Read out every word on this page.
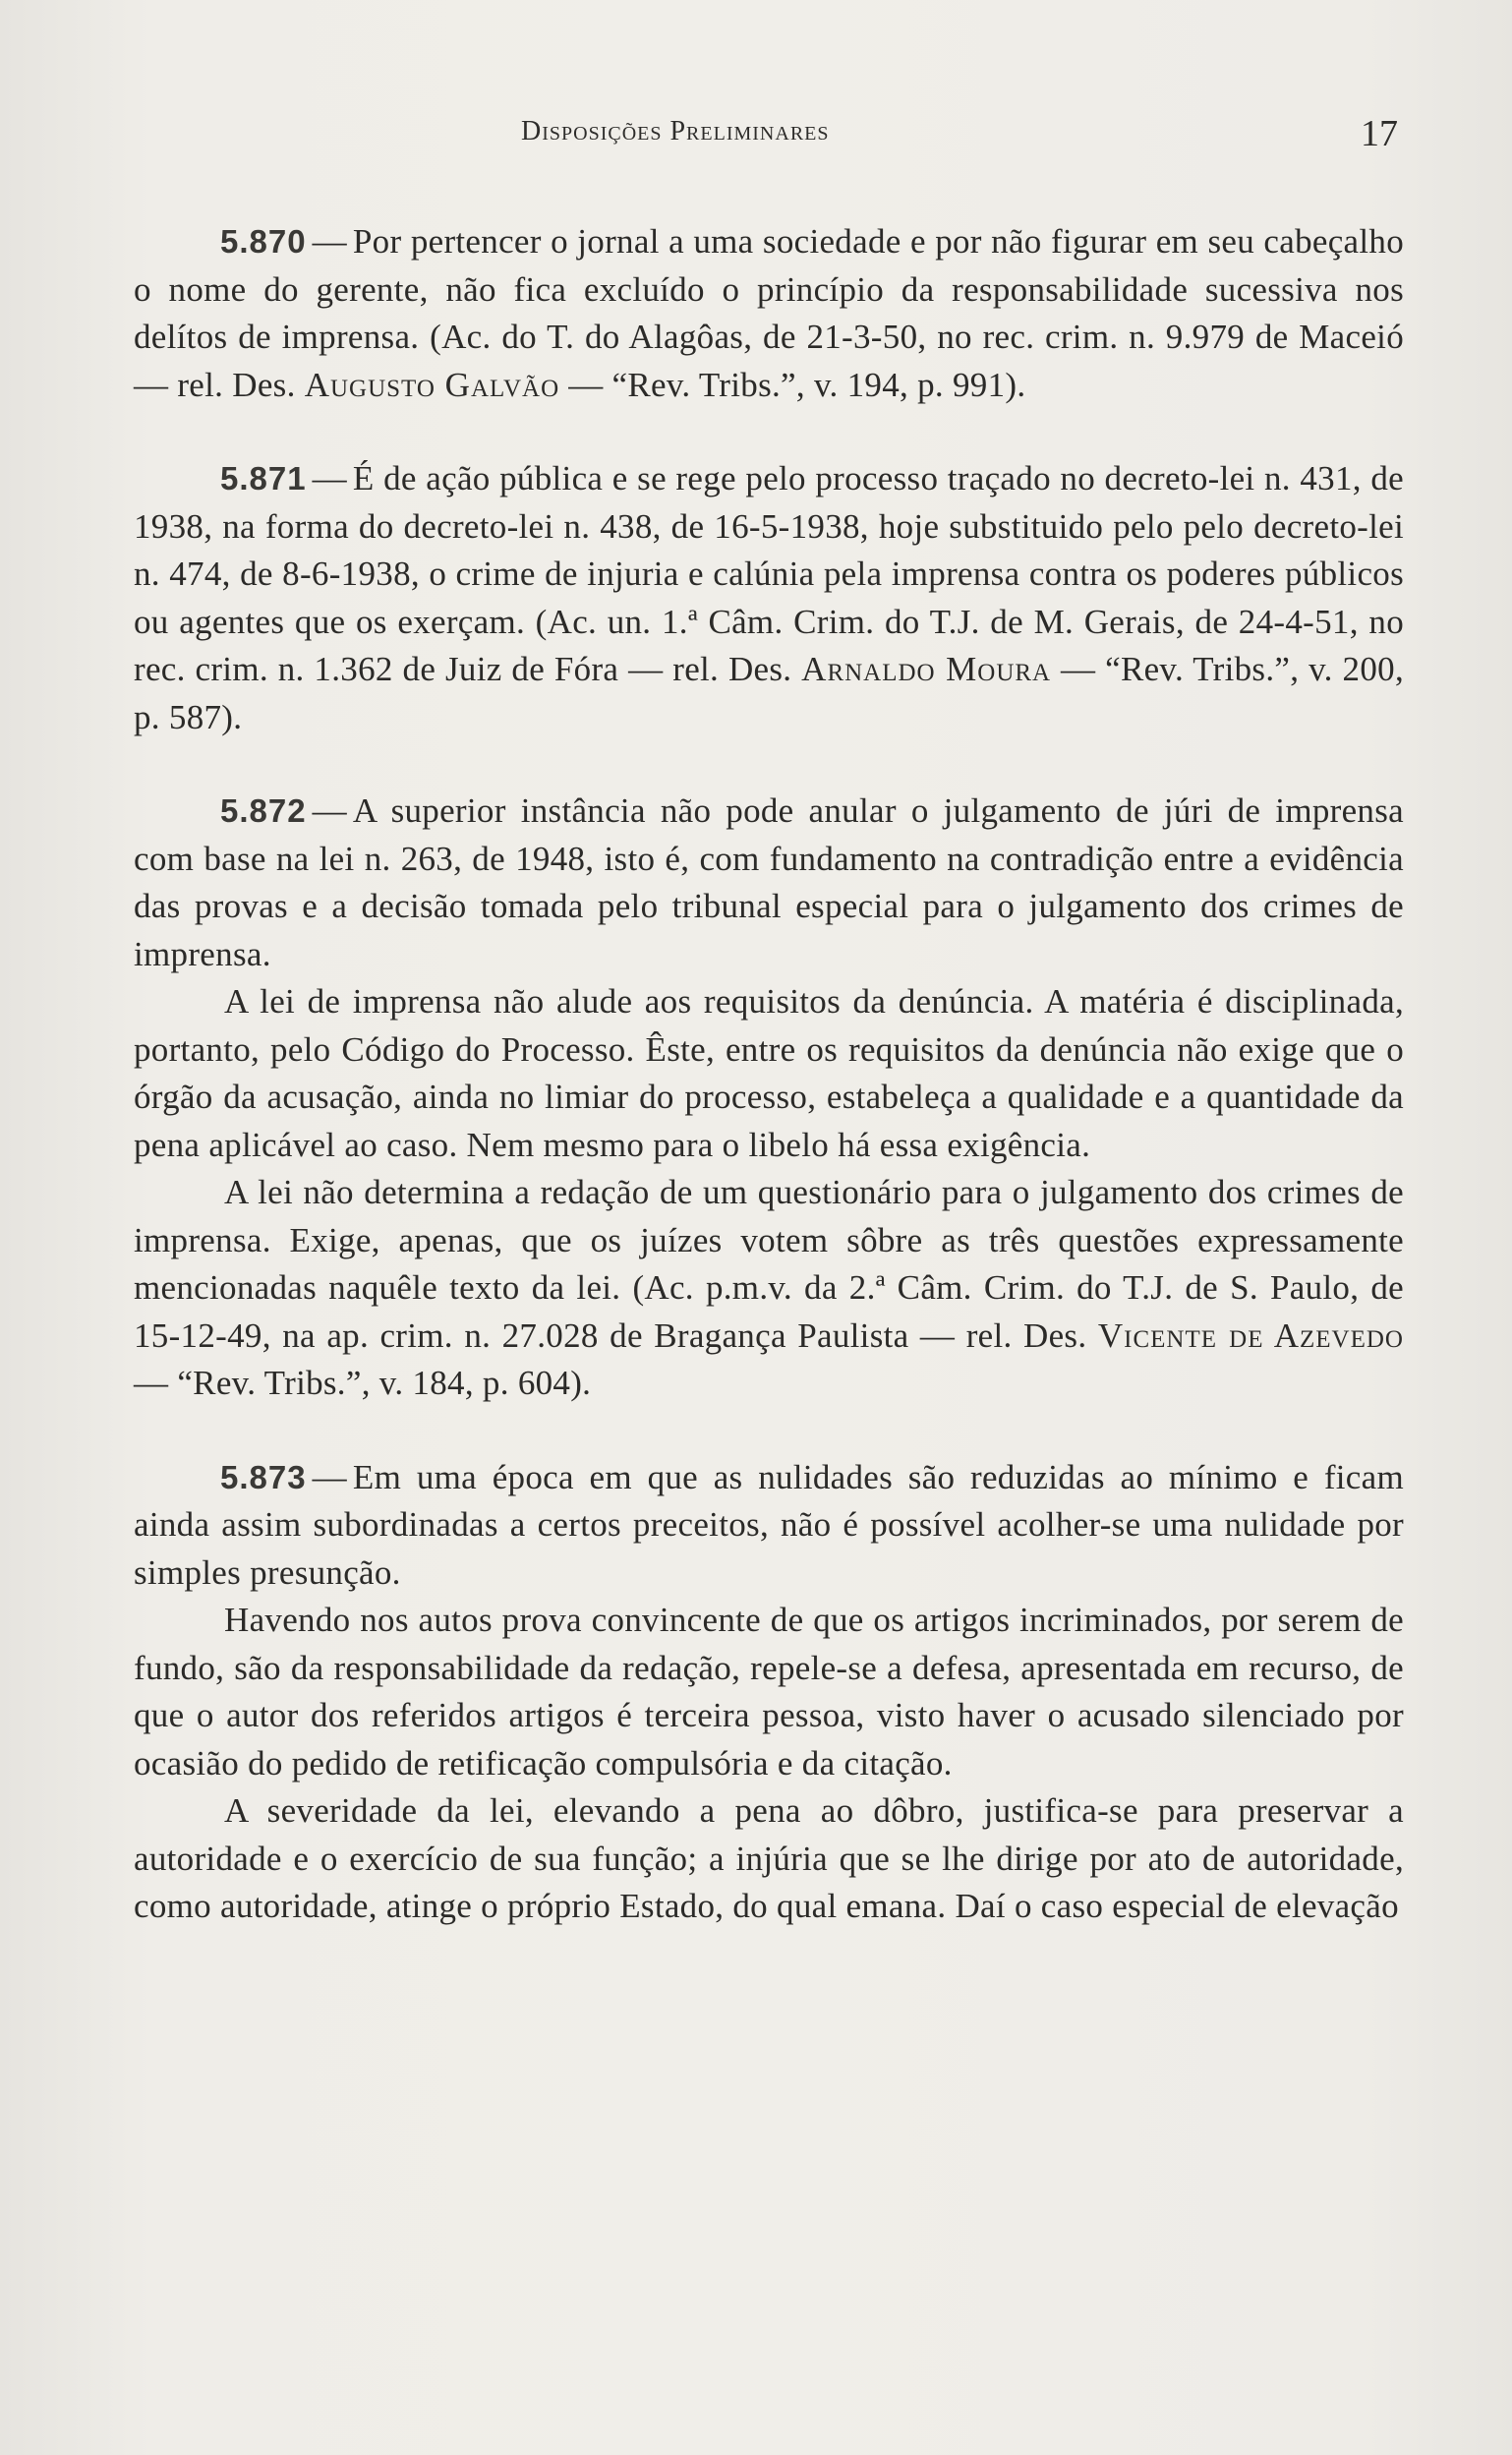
Disposições Preliminares	17

5.870 — Por pertencer o jornal a uma sociedade e por não figurar em seu cabeçalho o nome do gerente, não fica excluído o princípio da responsabilidade sucessiva nos delítos de imprensa. (Ac. do T. do Alagôas, de 21-3-50, no rec. crim. n. 9.979 de Maceió — rel. Des. Augusto Galvão — “Rev. Tribs.”, v. 194, p. 991).

5.871 — É de ação pública e se rege pelo processo traçado no decreto-lei n. 431, de 1938, na forma do decreto-lei n. 438, de 16-5-1938, hoje substituido pelo pelo decreto-lei n. 474, de 8-6-1938, o crime de injuria e calúnia pela imprensa contra os poderes públicos ou agentes que os exerçam. (Ac. un. 1.ª Câm. Crim. do T.J. de M. Gerais, de 24-4-51, no rec. crim. n. 1.362 de Juiz de Fóra — rel. Des. Arnaldo Moura — “Rev. Tribs.”, v. 200, p. 587).

5.872 — A superior instância não pode anular o julgamento de júri de imprensa com base na lei n. 263, de 1948, isto é, com fundamento na contradição entre a evidência das provas e a decisão tomada pelo tribunal especial para o julgamento dos crimes de imprensa.

A lei de imprensa não alude aos requisitos da denúncia. A matéria é disciplinada, portanto, pelo Código do Processo. Êste, entre os requisitos da denúncia não exige que o órgão da acusação, ainda no limiar do processo, estabeleça a qualidade e a quantidade da pena aplicável ao caso. Nem mesmo para o libelo há essa exigência.

A lei não determina a redação de um questionário para o julgamento dos crimes de imprensa. Exige, apenas, que os juízes votem sôbre as três questões expressamente mencionadas naquêle texto da lei. (Ac. p.m.v. da 2.ª Câm. Crim. do T.J. de S. Paulo, de 15-12-49, na ap. crim. n. 27.028 de Bragança Paulista — rel. Des. Vicente de Azevedo — “Rev. Tribs.”, v. 184, p. 604).

5.873 — Em uma época em que as nulidades são reduzidas ao mínimo e ficam ainda assim subordinadas a certos preceitos, não é possível acolher-se uma nulidade por simples presunção.

Havendo nos autos prova convincente de que os artigos incriminados, por serem de fundo, são da responsabilidade da redação, repele-se a defesa, apresentada em recurso, de que o autor dos referidos artigos é terceira pessoa, visto haver o acusado silenciado por ocasião do pedido de retificação compulsória e da citação.

A severidade da lei, elevando a pena ao dôbro, justifica-se para preservar a autoridade e o exercício de sua função; a injúria que se lhe dirige por ato de autoridade, como autoridade, atinge o próprio Estado, do qual emana. Daí o caso especial de elevação
